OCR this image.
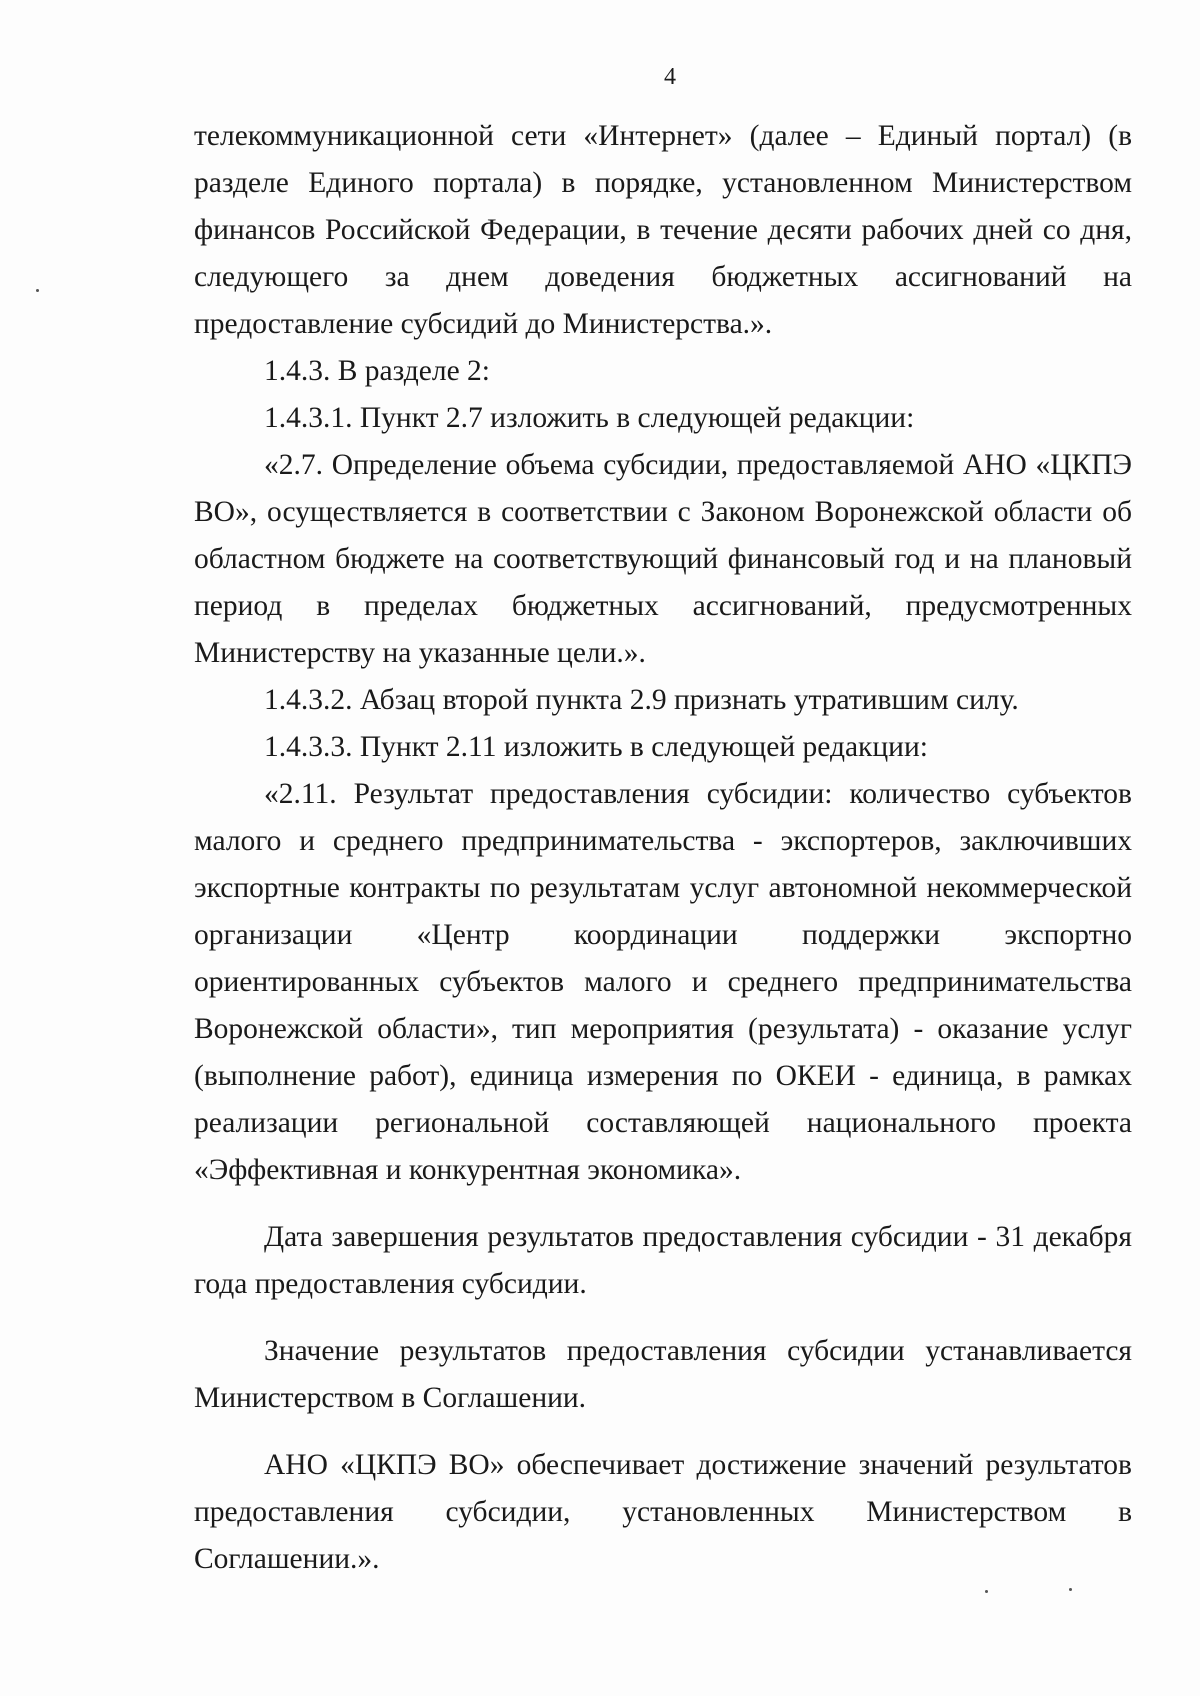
4

телекоммуникационной сети «Интернет» (далее – Единый портал) (в разделе Единого портала) в порядке, установленном Министерством финансов Российской Федерации, в течение десяти рабочих дней со дня, следующего за днем доведения бюджетных ассигнований на предоставление субсидий до Министерства.».

1.4.3. В разделе 2:

1.4.3.1. Пункт 2.7 изложить в следующей редакции:

«2.7. Определение объема субсидии, предоставляемой АНО «ЦКПЭ ВО», осуществляется в соответствии с Законом Воронежской области об областном бюджете на соответствующий финансовый год и на плановый период в пределах бюджетных ассигнований, предусмотренных Министерству на указанные цели.».

1.4.3.2. Абзац второй пункта 2.9 признать утратившим силу.

1.4.3.3. Пункт 2.11 изложить в следующей редакции:

«2.11. Результат предоставления субсидии: количество субъектов малого и среднего предпринимательства - экспортеров, заключивших экспортные контракты по результатам услуг автономной некоммерческой организации «Центр координации поддержки экспортно ориентированных субъектов малого и среднего предпринимательства Воронежской области», тип мероприятия (результата) - оказание услуг (выполнение работ), единица измерения по ОКЕИ - единица, в рамках реализации региональной составляющей национального проекта «Эффективная и конкурентная экономика».

Дата завершения результатов предоставления субсидии - 31 декабря года предоставления субсидии.

Значение результатов предоставления субсидии устанавливается Министерством в Соглашении.

АНО «ЦКПЭ ВО» обеспечивает достижение значений результатов предоставления субсидии, установленных Министерством в Соглашении.».
